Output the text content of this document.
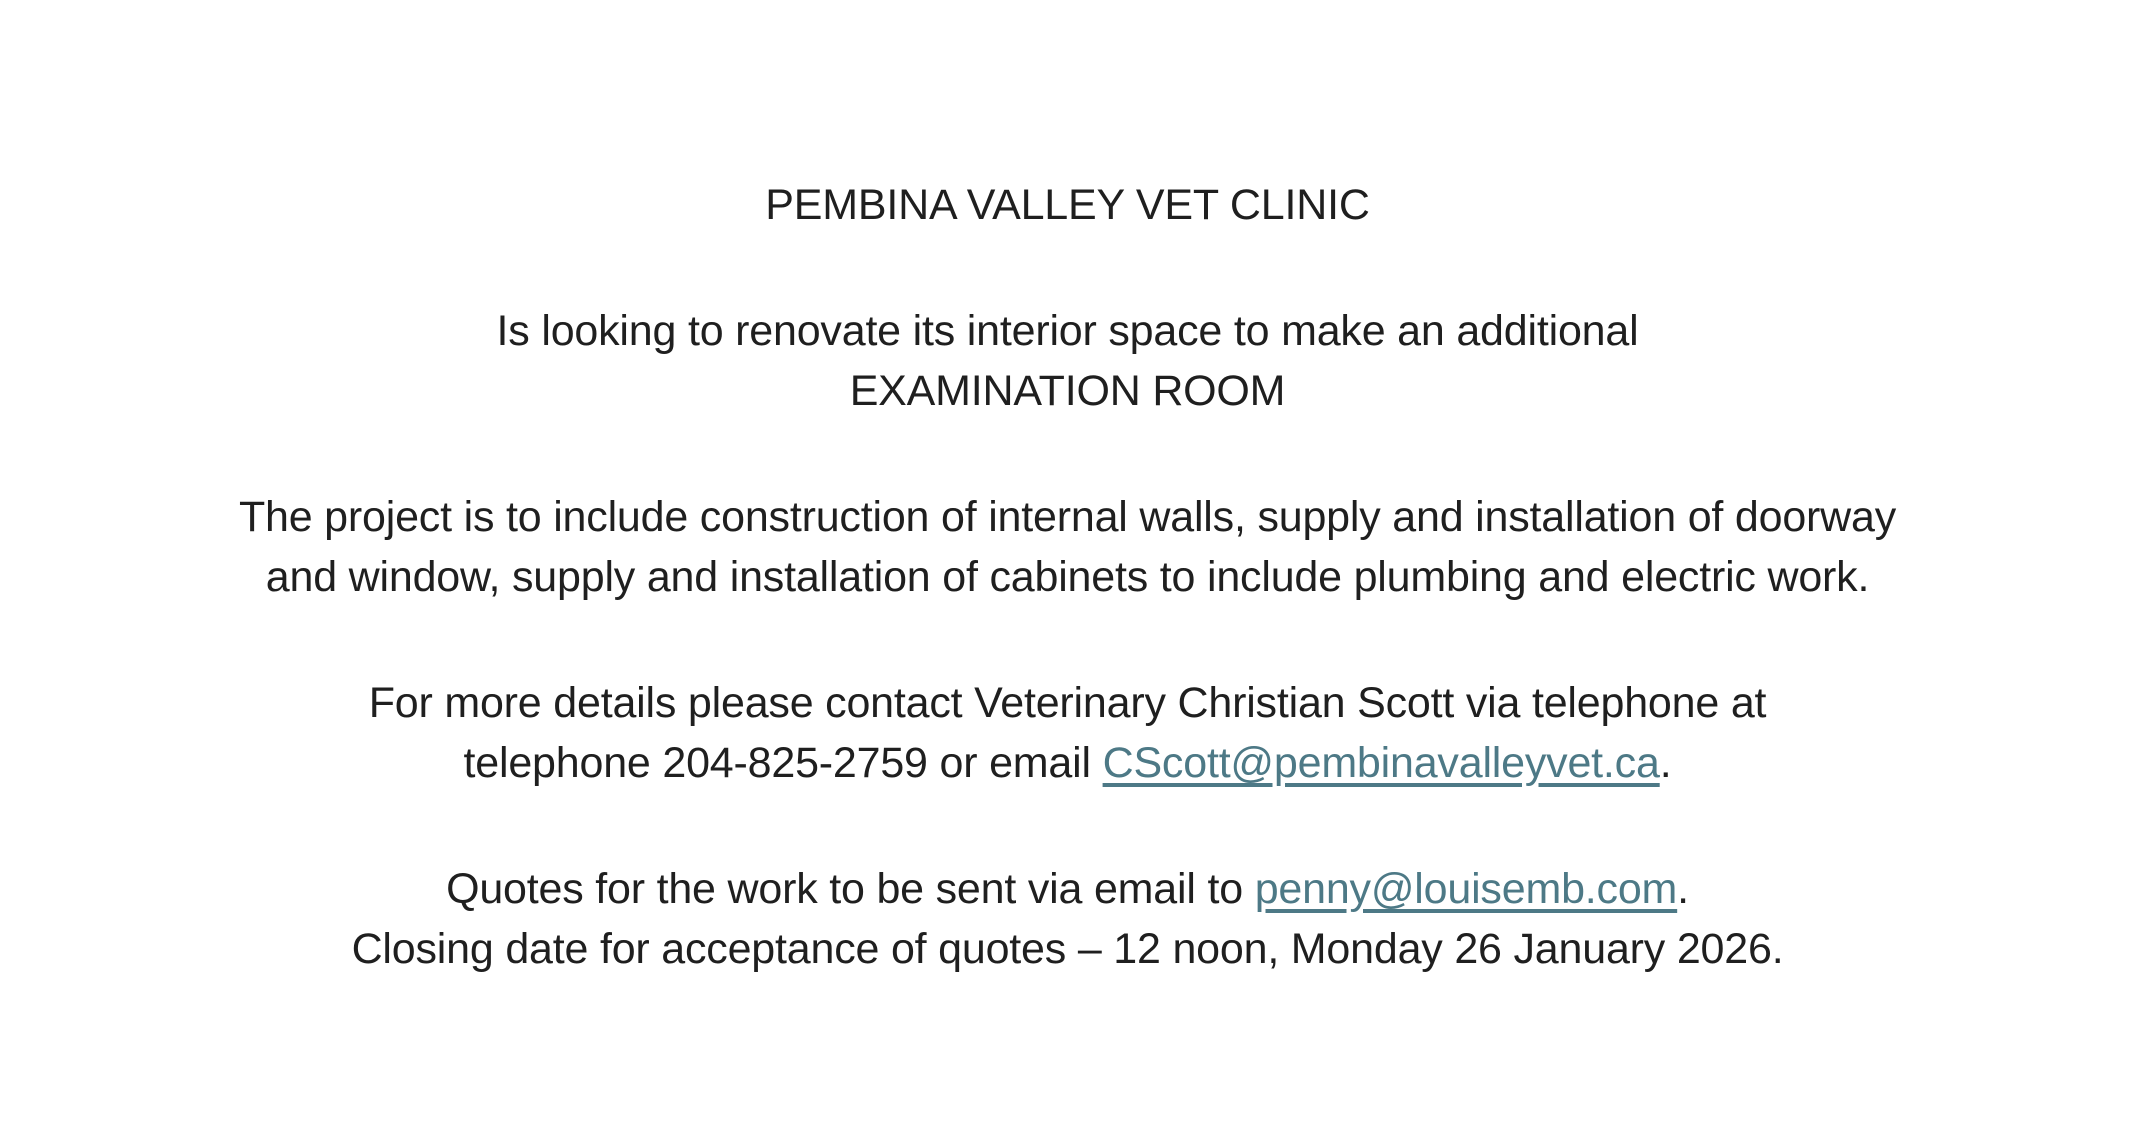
PEMBINA VALLEY VET CLINIC

Is looking to renovate its interior space to make an additional
EXAMINATION ROOM

The project is to include construction of internal walls, supply and installation of doorway
and window, supply and installation of cabinets to include plumbing and electric work.

For more details please contact Veterinary Christian Scott via telephone at
telephone 204-825-2759 or email CScott@pembinavalleyvet.ca.

Quotes for the work to be sent via email to penny@louisemb.com.
Closing date for acceptance of quotes – 12 noon, Monday 26 January 2026.
